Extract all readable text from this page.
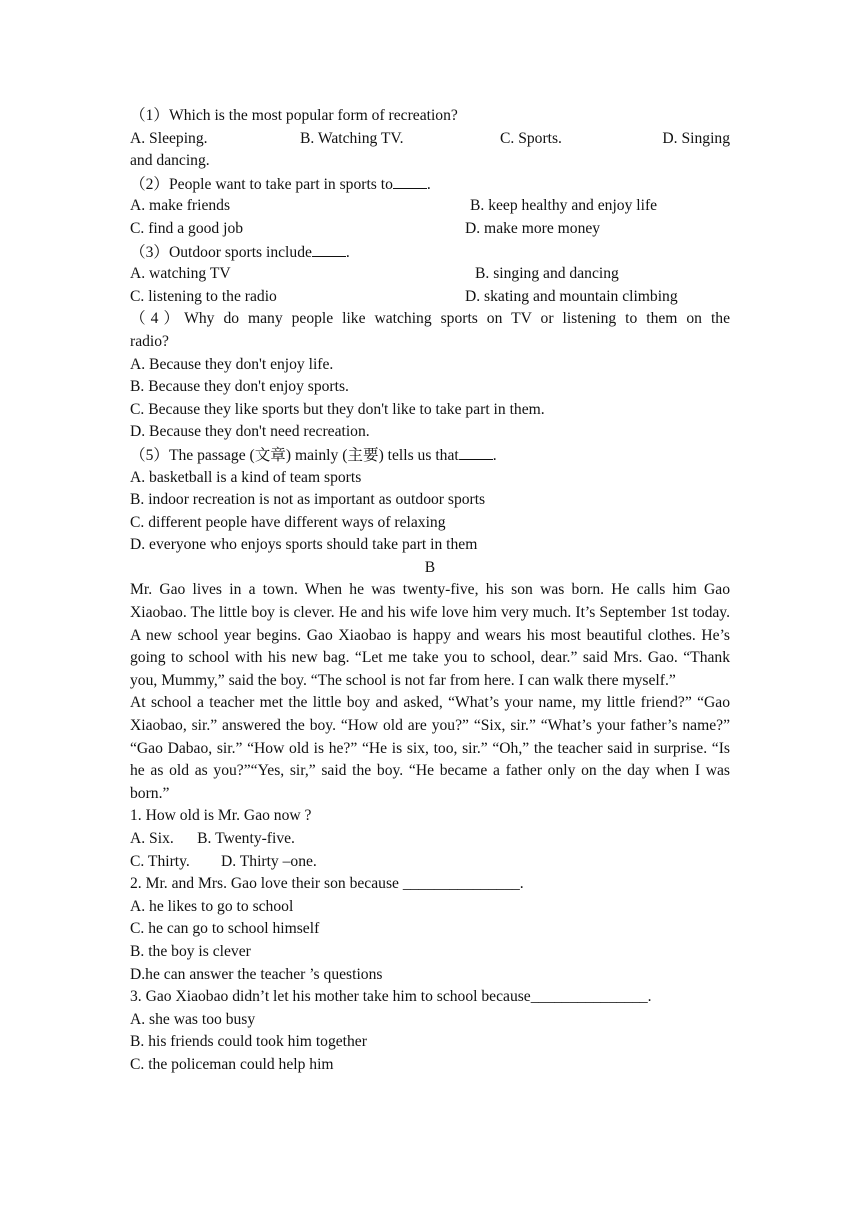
（1）Which is the most popular form of recreation?
A. Sleeping.	B. Watching TV.	C. Sports.	D. Singing
and dancing.
（2）People want to take part in sports to .
A. make friends	B. keep healthy and enjoy life
C. find a good job	D. make more money
（3）Outdoor sports include .
A. watching TV	B. singing and dancing
C. listening to the radio	D. skating and mountain climbing
（4）Why do many people like watching sports on TV or listening to them on the
radio?
A. Because they don't enjoy life.
B. Because they don't enjoy sports.
C. Because they like sports but they don't like to take part in them.
D. Because they don't need recreation.
（5）The passage (文章) mainly (主要) tells us that .
A. basketball is a kind of team sports
B. indoor recreation is not as important as outdoor sports
C. different people have different ways of relaxing
D. everyone who enjoys sports should take part in them
B
Mr. Gao lives in a town. When he was twenty-five, his son was born. He calls him Gao Xiaobao. The little boy is clever. He and his wife love him very much. It’s September 1st today. A new school year begins. Gao Xiaobao is happy and wears his most beautiful clothes. He’s going to school with his new bag. “Let me take you to school, dear.” said Mrs. Gao. “Thank you, Mummy,” said the boy. “The school is not far from here. I can walk there myself.”
At school a teacher met the little boy and asked, “What’s your name, my little friend?” “Gao Xiaobao, sir.” answered the boy. “How old are you?” “Six, sir.” “What’s your father’s name?” “Gao Dabao, sir.” “How old is he?” “He is six, too, sir.” “Oh,” the teacher said in surprise. “Is he as old as you?”“Yes, sir,” said the boy. “He became a father only on the day when I was born.”
1. How old is Mr. Gao now ?
A. Six.      B. Twenty-five.
C. Thirty.        D. Thirty –one.
2. Mr. and Mrs. Gao love their son because _______________.
A. he likes to go to school
C. he can go to school himself
B. the boy is clever
D.he can answer the teacher ’s questions
3. Gao Xiaobao didn’t let his mother take him to school because_______________.
A. she was too busy
B. his friends could took him together
C. the policeman could help him
